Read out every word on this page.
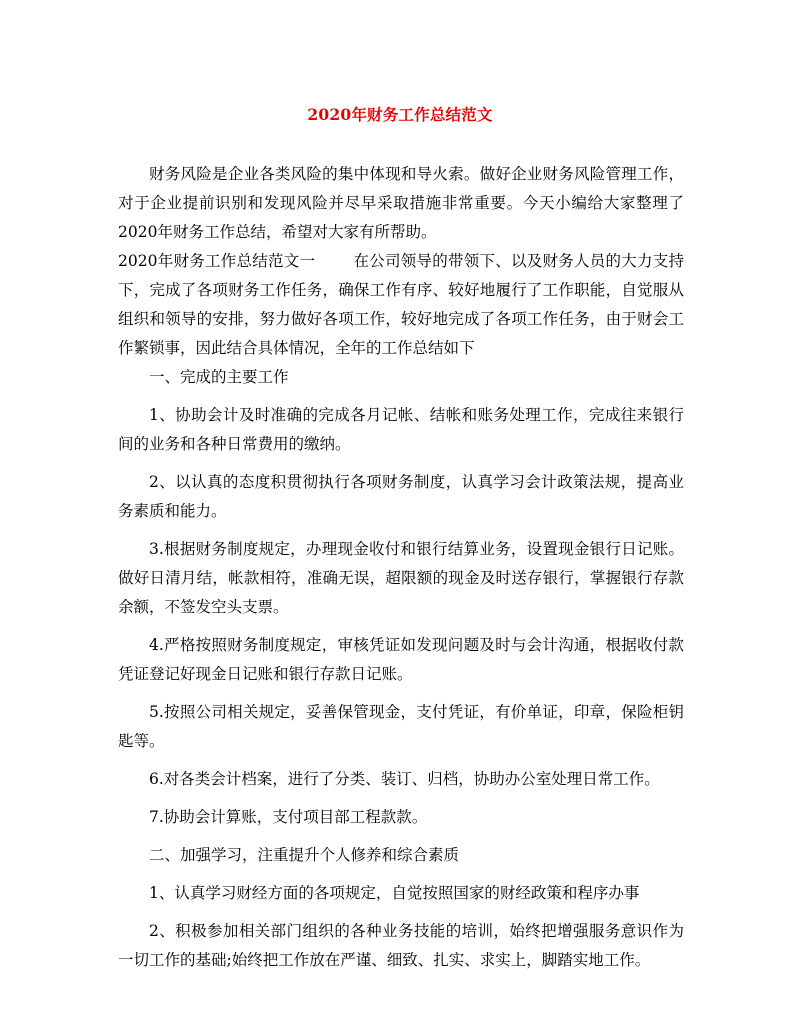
2020年财务工作总结范文

财务风险是企业各类风险的集中体现和导火索。做好企业财务风险管理工作，对于企业提前识别和发现风险并尽早采取措施非常重要。今天小编给大家整理了2020年财务工作总结，希望对大家有所帮助。

2020年财务工作总结范文一 在公司领导的带领下、以及财务人员的大力支持下，完成了各项财务工作任务，确保工作有序、较好地履行了工作职能，自觉服从组织和领导的安排，努力做好各项工作，较好地完成了各项工作任务，由于财会工作繁锁事，因此结合具体情况，全年的工作总结如下

一、完成的主要工作

1、协助会计及时准确的完成各月记帐、结帐和账务处理工作，完成往来银行间的业务和各种日常费用的缴纳。

2、以认真的态度积贯彻执行各项财务制度，认真学习会计政策法规，提高业务素质和能力。

3.根据财务制度规定，办理现金收付和银行结算业务，设置现金银行日记账。做好日清月结，帐款相符，准确无误，超限额的现金及时送存银行，掌握银行存款余额，不签发空头支票。

4.严格按照财务制度规定，审核凭证如发现问题及时与会计沟通，根据收付款凭证登记好现金日记账和银行存款日记账。

5.按照公司相关规定，妥善保管现金，支付凭证，有价单证，印章，保险柜钥匙等。

6.对各类会计档案，进行了分类、装订、归档，协助办公室处理日常工作。

7.协助会计算账，支付项目部工程款款。

二、加强学习，注重提升个人修养和综合素质

1、认真学习财经方面的各项规定，自觉按照国家的财经政策和程序办事

2、积极参加相关部门组织的各种业务技能的培训，始终把增强服务意识作为一切工作的基础;始终把工作放在严谨、细致、扎实、求实上，脚踏实地工作。
